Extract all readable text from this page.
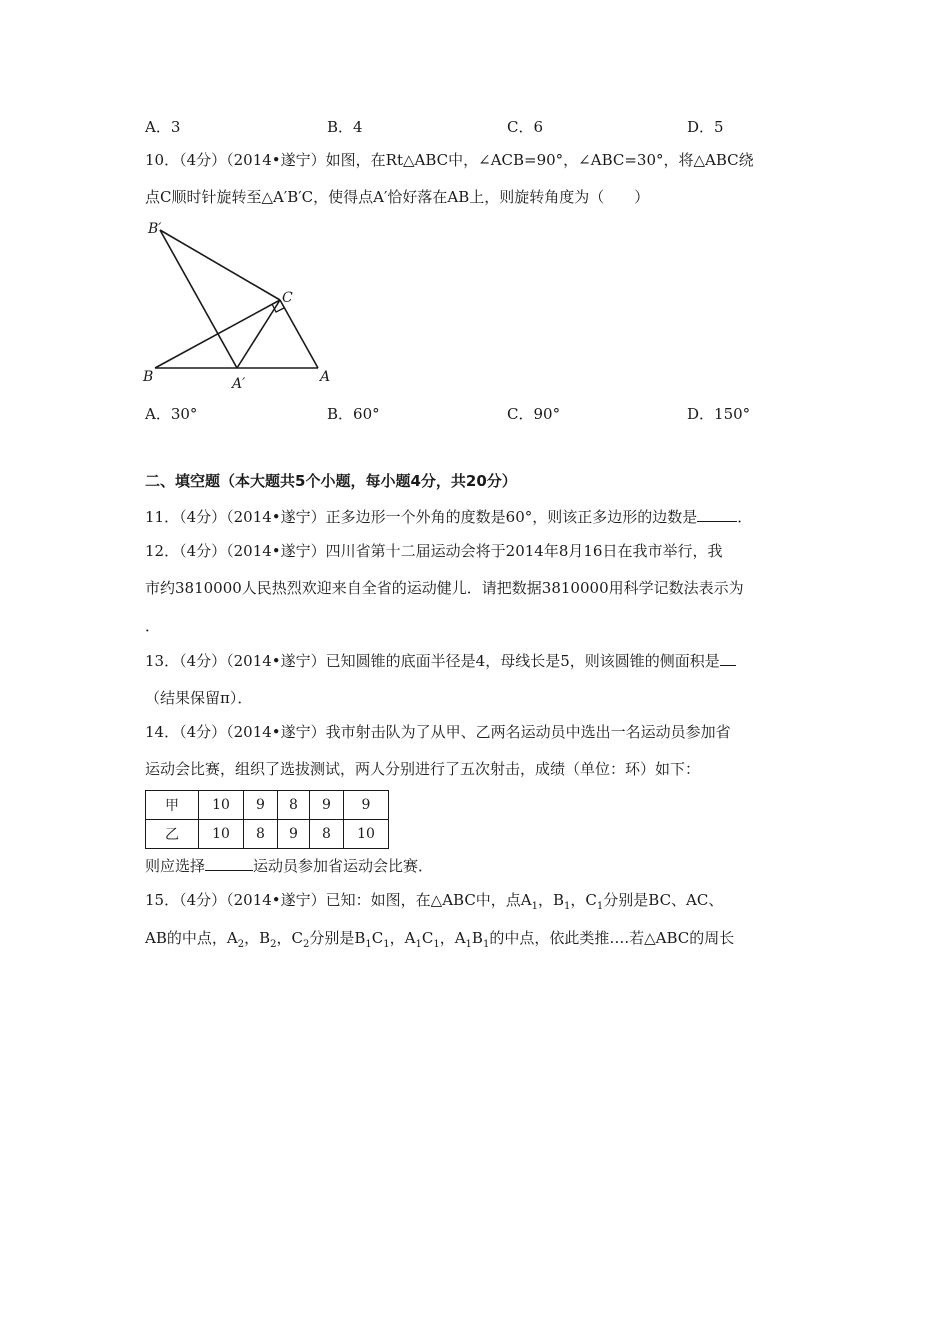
A．3	B．4	C．6	D．5
10．（4分）（2014•遂宁）如图，在Rt△ABC中，∠ACB=90°，∠ABC=30°，将△ABC绕
点C顺时针旋转至△A′B′C，使得点A′恰好落在AB上，则旋转角度为（　　）
B′
C
B	A′	A
A．30°	B．60°	C．90°	D．150°
二、填空题（本大题共5个小题，每小题4分，共20分）
11．（4分）（2014•遂宁）正多边形一个外角的度数是60°，则该正多边形的边数是	．
12．（4分）（2014•遂宁）四川省第十二届运动会将于2014年8月16日在我市举行，我
市约3810000人民热烈欢迎来自全省的运动健儿．请把数据3810000用科学记数法表示为
．
13．（4分）（2014•遂宁）已知圆锥的底面半径是4，母线长是5，则该圆锥的侧面积是
（结果保留π）．
14．（4分）（2014•遂宁）我市射击队为了从甲、乙两名运动员中选出一名运动员参加省
运动会比赛，组织了选拔测试，两人分别进行了五次射击，成绩（单位：环）如下：
甲	10	9	8	9	9
乙	10	8	9	8	10
则应选择	运动员参加省运动会比赛．
15．（4分）（2014•遂宁）已知：如图，在△ABC中，点$A_1$，$B_1$，$C_1$分别是BC、AC、
AB的中点，$A_2$，$B_2$，$C_2$分别是$B_1C_1$，$A_1C_1$，$A_1B_1$的中点，依此类推….若△ABC的周长
